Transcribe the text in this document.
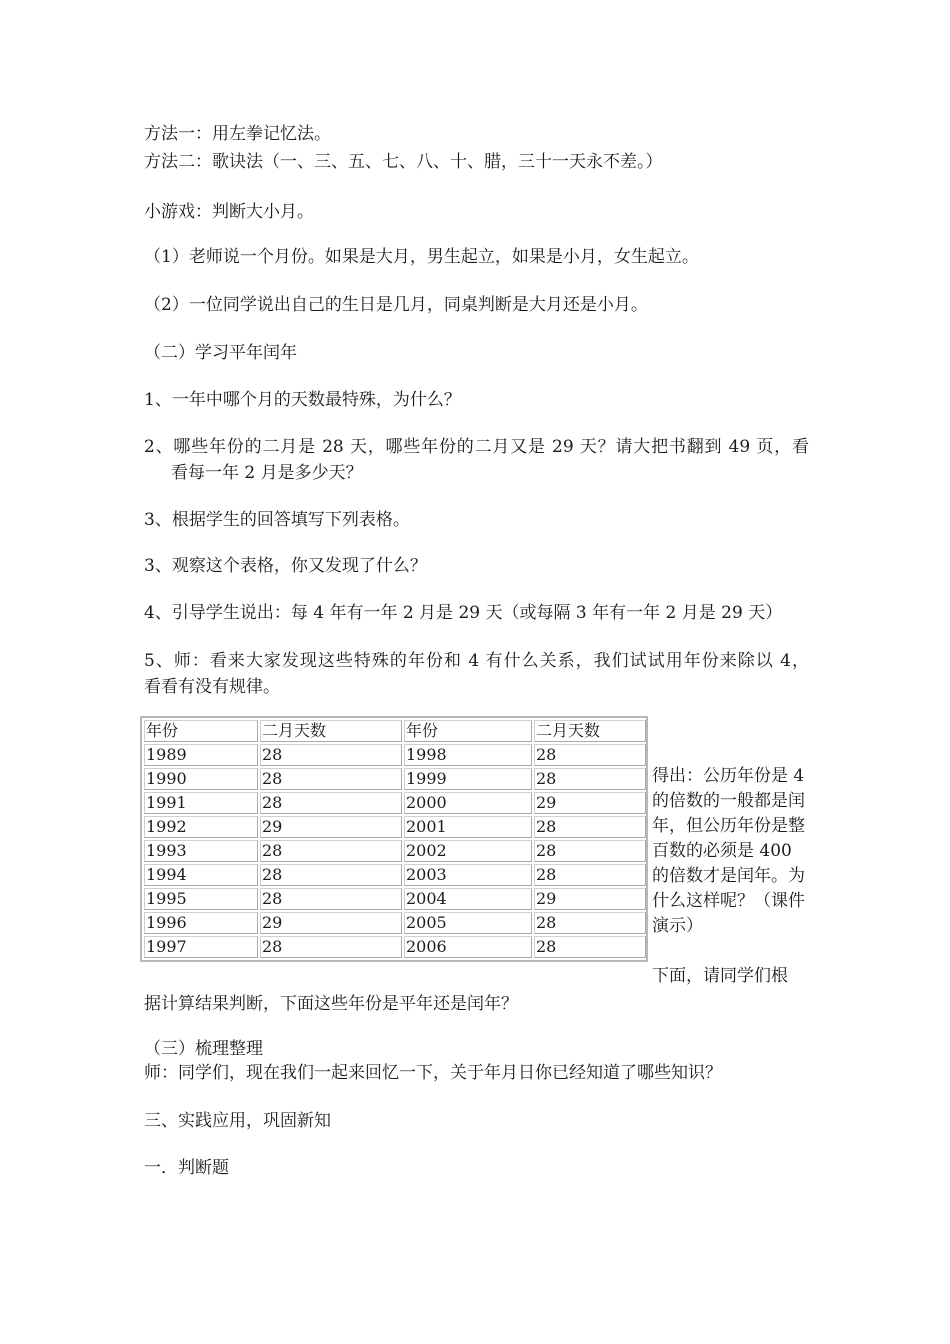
方法一：用左拳记忆法。
方法二：歌诀法（一、三、五、七、八、十、腊，三十一天永不差。）
小游戏：判断大小月。
（1）老师说一个月份。如果是大月，男生起立，如果是小月，女生起立。
（2）一位同学说出自己的生日是几月，同桌判断是大月还是小月。
（二）学习平年闰年
1、一年中哪个月的天数最特殊，为什么？
2、哪些年份的二月是 28 天，哪些年份的二月又是 29 天？请大把书翻到 49 页，看
看每一年 2 月是多少天？
3、根据学生的回答填写下列表格。
3、观察这个表格，你又发现了什么？
4、引导学生说出：每 4 年有一年 2 月是 29 天（或每隔 3 年有一年 2 月是 29 天）
5、师：看来大家发现这些特殊的年份和 4 有什么关系，我们试试用年份来除以 4，
看看有没有规律。
年份	二月天数	年份	二月天数
1989	28	1998	28
1990	28	1999	28
1991	28	2000	29
1992	29	2001	28
1993	28	2002	28
1994	28	2003	28
1995	28	2004	29
1996	29	2005	28
1997	28	2006	28
得出：公历年份是 4 的倍数的一般都是闰年，但公历年份是整百数的必须是 400 的倍数才是闰年。为什么这样呢？（课件演示）
下面，请同学们根
据计算结果判断，下面这些年份是平年还是闰年？
（三）梳理整理
师：同学们，现在我们一起来回忆一下，关于年月日你已经知道了哪些知识？
三、实践应用，巩固新知
一．判断题
